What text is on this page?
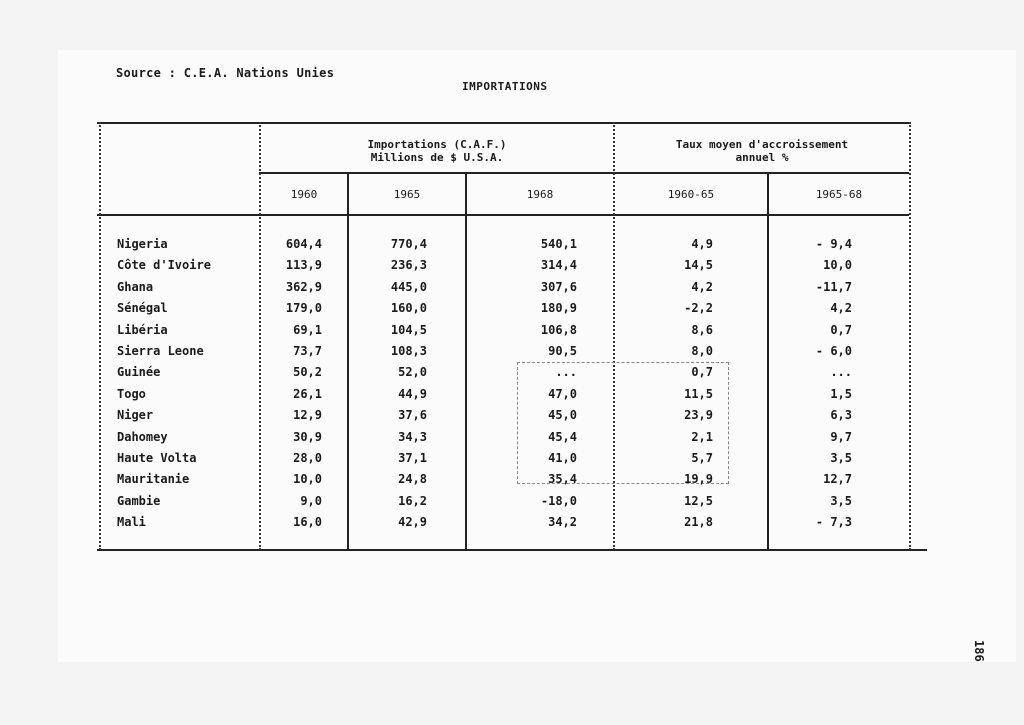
Source : C.E.A. Nations Unies
IMPORTATIONS
186
Importations (C.A.F.)
Millions de $ U.S.A.
Taux moyen d'accroissement
annuel %
1960	1965	1968	1960-65	1965-68
Nigeria	604,4	770,4	540,1	4,9	- 9,4
Côte d'Ivoire	113,9	236,3	314,4	14,5	10,0
Ghana	362,9	445,0	307,6	4,2	-11,7
Sénégal	179,0	160,0	180,9	-2,2	4,2
Libéria	69,1	104,5	106,8	8,6	0,7
Sierra Leone	73,7	108,3	90,5	8,0	- 6,0
Guinée	50,2	52,0	...	0,7	...
Togo	26,1	44,9	47,0	11,5	1,5
Niger	12,9	37,6	45,0	23,9	6,3
Dahomey	30,9	34,3	45,4	2,1	9,7
Haute Volta	28,0	37,1	41,0	5,7	3,5
Mauritanie	10,0	24,8	35,4	19,9	12,7
Gambie	9,0	16,2	-18,0	12,5	3,5
Mali	16,0	42,9	34,2	21,8	- 7,3
